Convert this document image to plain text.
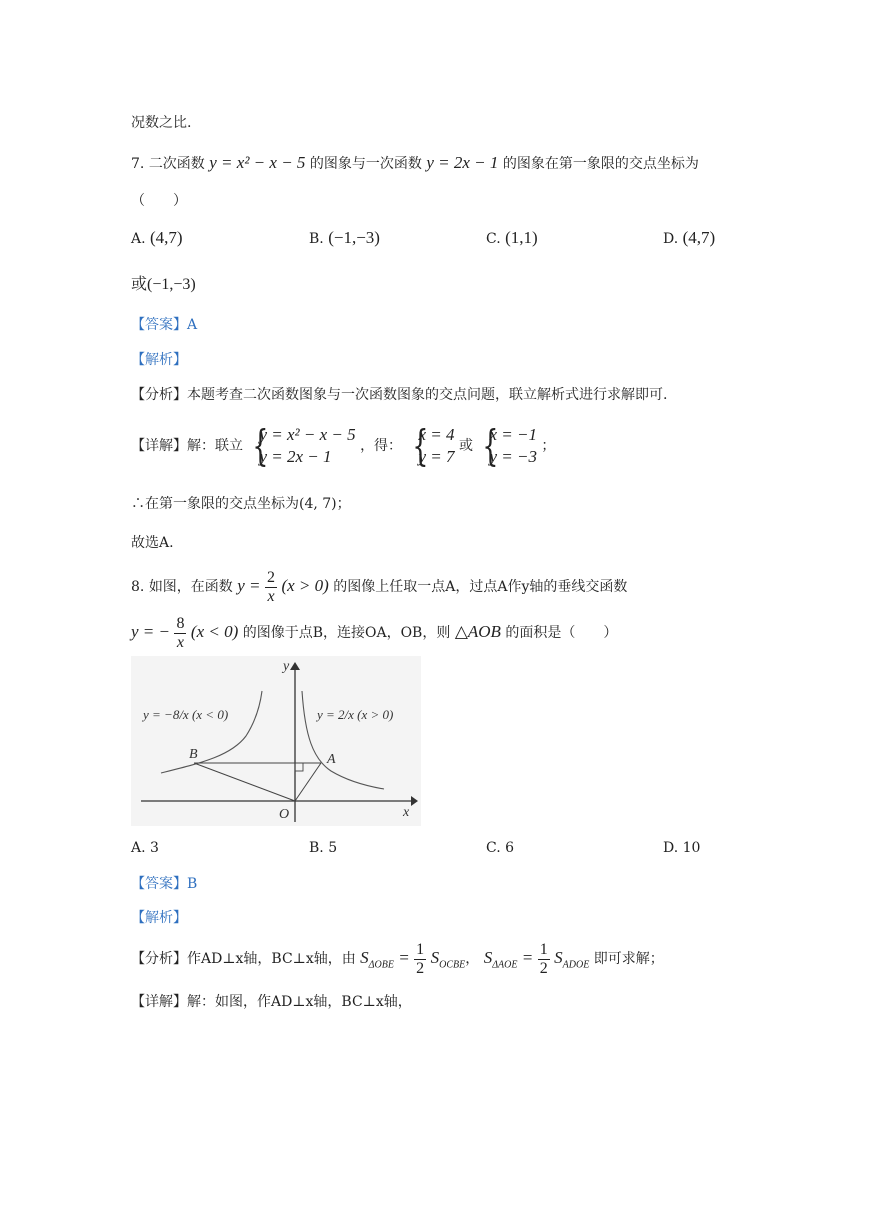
况数之比.
7. 二次函数 y = x² − x − 5 的图象与一次函数 y = 2x − 1 的图象在第一象限的交点坐标为
（　　）
A. (4,7)	B. (−1,−3)	C. (1,1)	D. (4,7)
或(−1,−3)
【答案】A
【解析】
【分析】本题考查二次函数图象与一次函数图象的交点问题，联立解析式进行求解即可.
【详解】解：联立 {
y = x² − x − 5
y = 2x − 1
，得： {
x = 4
y = 7
或 {
x = −1
y = −3
；
∴在第一象限的交点坐标为(4, 7)；
故选A.
8. 如图，在函数 $y = \frac{2}{x} (x > 0)$ 的图像上任取一点A，过点A作y轴的垂线交函数
y = − $\frac{8}{x} (x < 0)$ 的图像于点B，连接OA，OB，则 △AOB 的面积是（　　）
y = −8/x (x < 0)	y = 2/x (x > 0)
B	A
O	x
y
A. 3	B. 5	C. 6	D. 10
【答案】B
【解析】
【分析】作AD⊥x轴，BC⊥x轴，由 $S_{\Delta OBE} = \frac{1}{2} S_{OCBE}$， $S_{\Delta AOE} = \frac{1}{2} S_{ADOE}$ 即可求解；
【详解】解：如图，作AD⊥x轴，BC⊥x轴，
